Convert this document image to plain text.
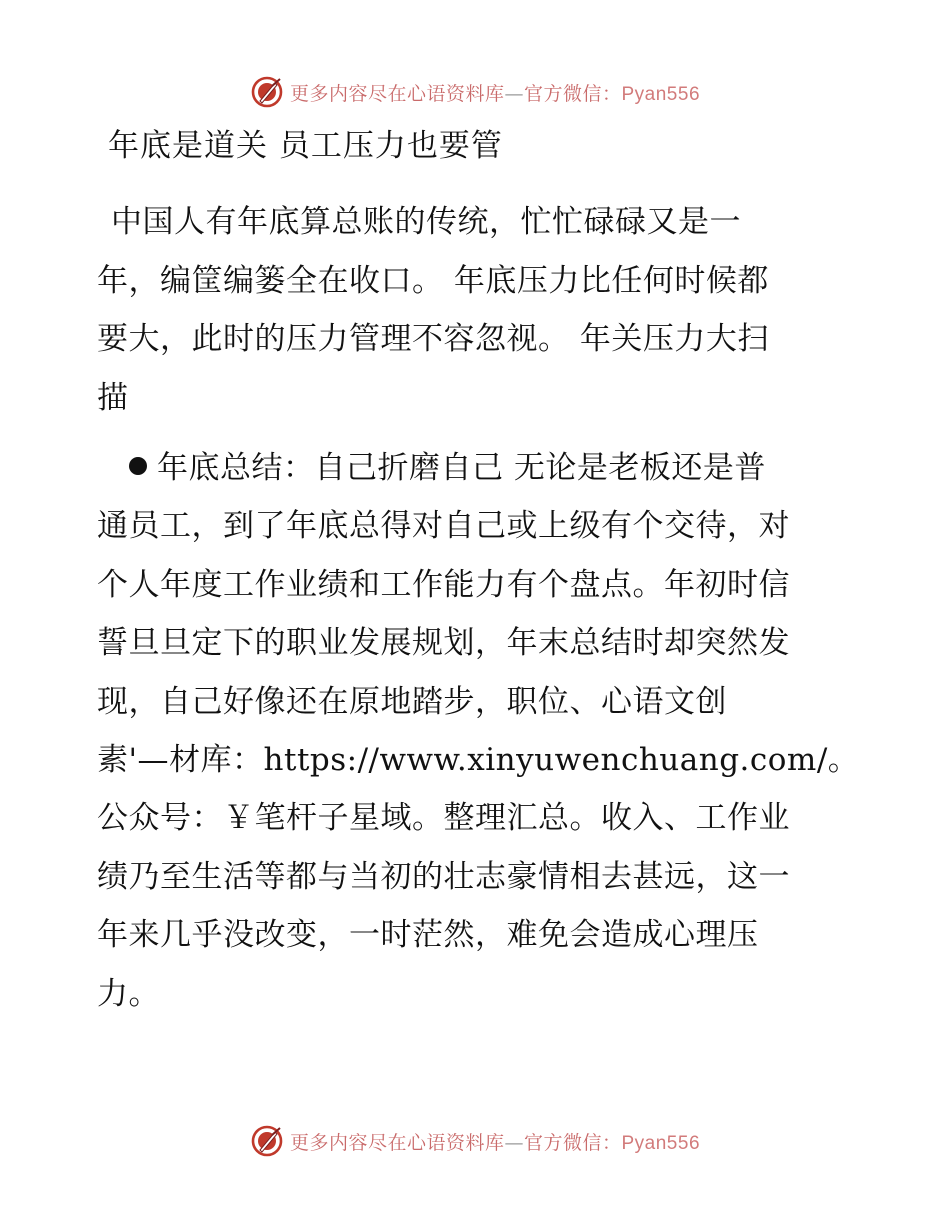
更多内容尽在心语资料库—官方微信：Pyan556
年底是道关 员工压力也要管
中国人有年底算总账的传统，忙忙碌碌又是一
年，编筐编篓全在收口。 年底压力比任何时候都
要大，此时的压力管理不容忽视。 年关压力大扫
描
年底总结：自己折磨自己 无论是老板还是普
通员工，到了年底总得对自己或上级有个交待，对
个人年度工作业绩和工作能力有个盘点。年初时信
誓旦旦定下的职业发展规划，年末总结时却突然发
现，自己好像还在原地踏步，职位、心语文创
素'—材库：https://www.xinyuwenchuang.com/。
公众号：￥笔杆子星域。整理汇总。收入、工作业
绩乃至生活等都与当初的壮志豪情相去甚远，这一
年来几乎没改变，一时茫然，难免会造成心理压
力。
更多内容尽在心语资料库—官方微信：Pyan556
